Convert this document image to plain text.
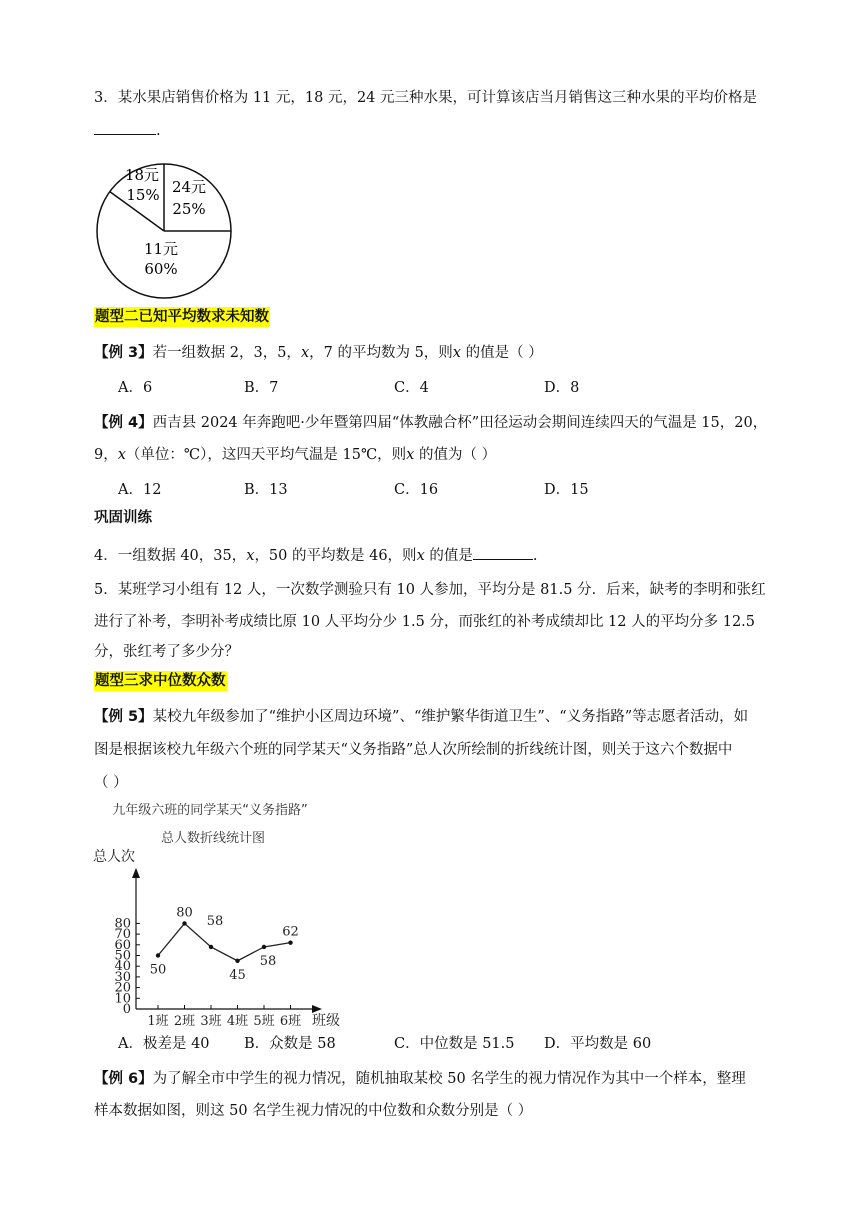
3．某水果店销售价格为 11 元，18 元，24 元三种水果，可计算该店当月销售这三种水果的平均价格是
.
24元
25%
18元
15%
11元
60%
题型二已知平均数求未知数
【例 3】若一组数据 2，3，5，x，7 的平均数为 5，则x 的值是（ ）
A．6	B．7	C．4	D．8
【例 4】西吉县 2024 年奔跑吧·少年暨第四届“体教融合杯”田径运动会期间连续四天的气温是 15，20，
9，x（单位：℃），这四天平均气温是 15℃，则x 的值为（ ）
A．12	B．13	C．16	D．15
巩固训练
4．一组数据 40，35，x，50 的平均数是 46，则x 的值是	.
5．某班学习小组有 12 人，一次数学测验只有 10 人参加，平均分是 81.5 分．后来，缺考的李明和张红
进行了补考，李明补考成绩比原 10 人平均分少 1.5 分，而张红的补考成绩却比 12 人的平均分多 12.5
分，张红考了多少分？
题型三求中位数众数
【例 5】某校九年级参加了“维护小区周边环境”、“维护繁华街道卫生”、“义务指路”等志愿者活动，如
图是根据该校九年级六个班的同学某天“义务指路”总人次所绘制的折线统计图，则关于这六个数据中
（ ）
九年级六班的同学某天“义务指路”
总人数折线统计图
总人次
班级
0
10
20
30
40
50
60
70
80
1班 2班 3班 4班 5班 6班
50
80
58
45
58
62
A．极差是 40 B．众数是 58	C．中位数是 51.5 D．平均数是 60
【例 6】为了解全市中学生的视力情况，随机抽取某校 50 名学生的视力情况作为其中一个样本，整理
样本数据如图，则这 50 名学生视力情况的中位数和众数分别是（ ）
